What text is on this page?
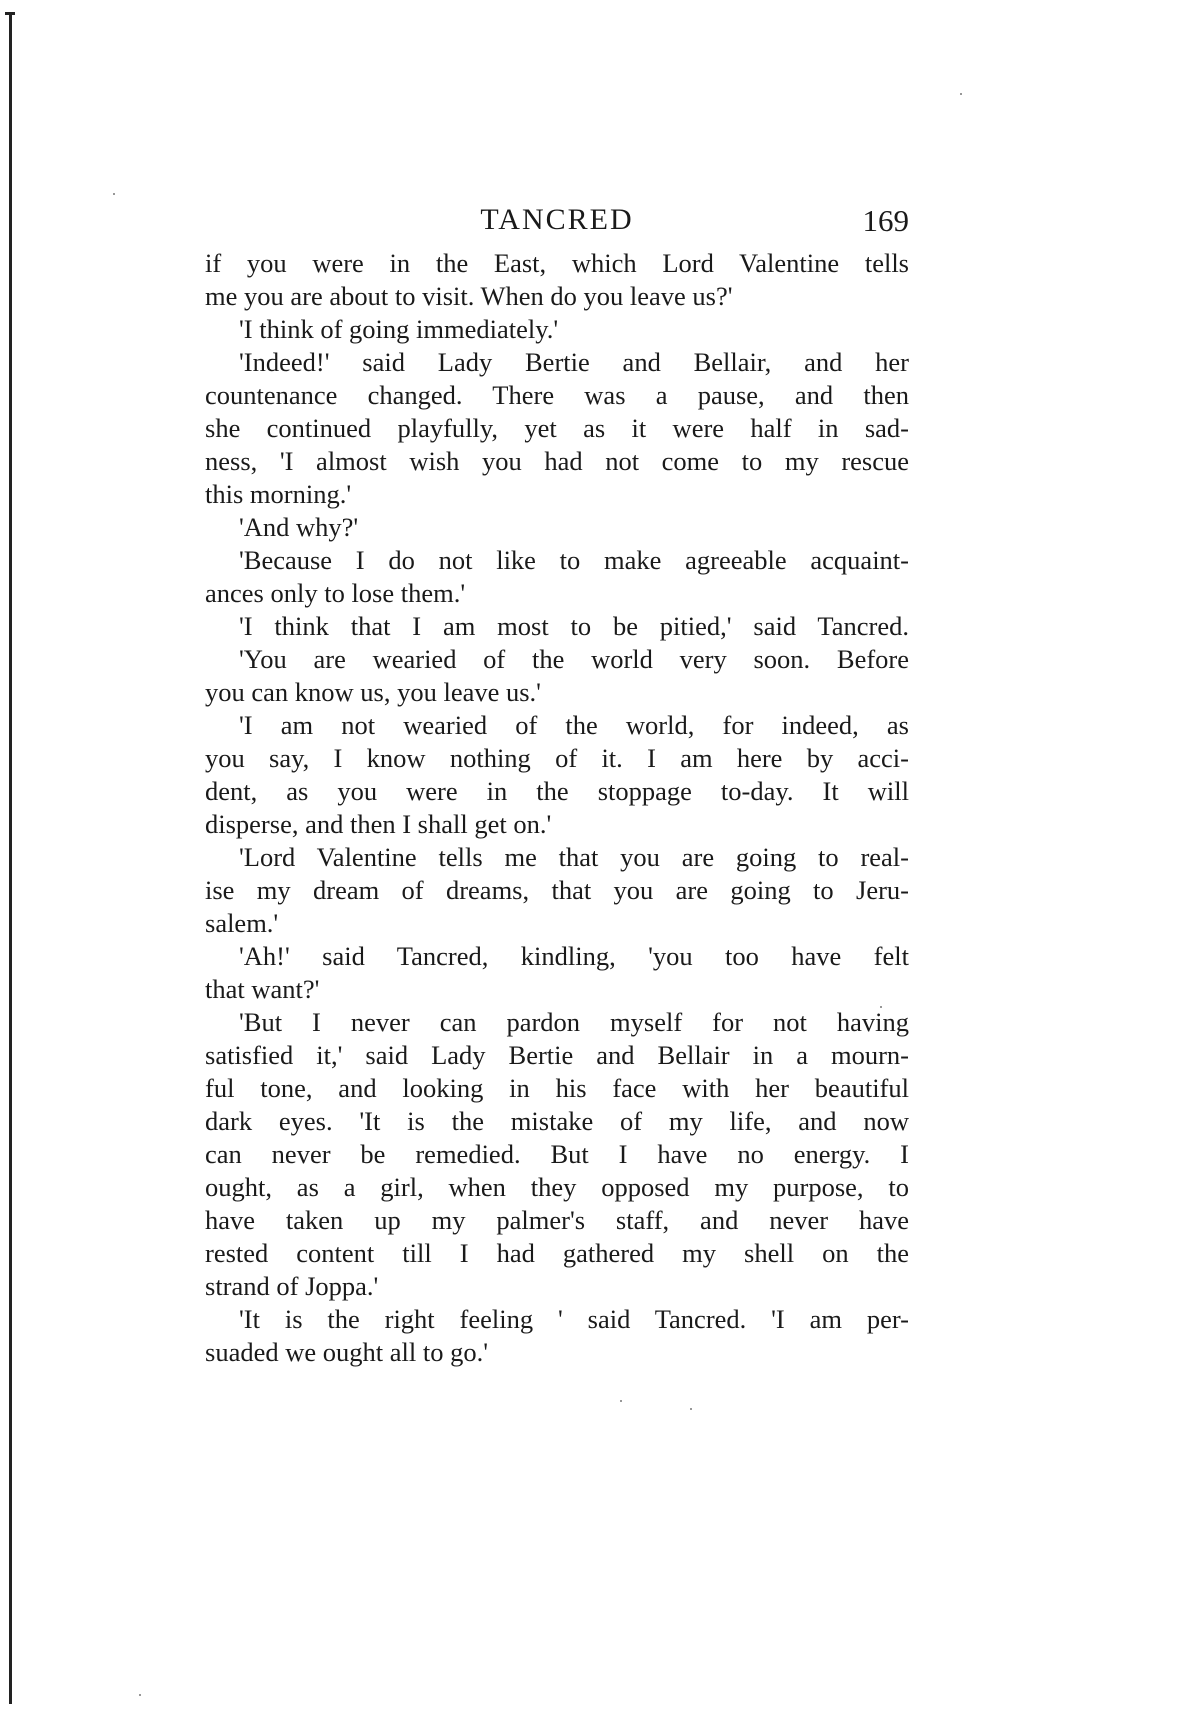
TANCRED	169
if you were in the East, which Lord Valentine tells
me you are about to visit. When do you leave us?'
'I think of going immediately.'
'Indeed!' said Lady Bertie and Bellair, and her
countenance changed. There was a pause, and then
she continued playfully, yet as it were half in sad-
ness, 'I almost wish you had not come to my rescue
this morning.'
'And why?'
'Because I do not like to make agreeable acquaint-
ances only to lose them.'
'I think that I am most to be pitied,' said Tancred.
'You are wearied of the world very soon. Before
you can know us, you leave us.'
'I am not wearied of the world, for indeed, as
you say, I know nothing of it. I am here by acci-
dent, as you were in the stoppage to-day. It will
disperse, and then I shall get on.'
'Lord Valentine tells me that you are going to real-
ise my dream of dreams, that you are going to Jeru-
salem.'
'Ah!' said Tancred, kindling, 'you too have felt
that want?'
'But I never can pardon myself for not having
satisfied it,' said Lady Bertie and Bellair in a mourn-
ful tone, and looking in his face with her beautiful
dark eyes. 'It is the mistake of my life, and now
can never be remedied. But I have no energy. I
ought, as a girl, when they opposed my purpose, to
have taken up my palmer's staff, and never have
rested content till I had gathered my shell on the
strand of Joppa.'
'It is the right feeling ' said Tancred. 'I am per-
suaded we ought all to go.'
